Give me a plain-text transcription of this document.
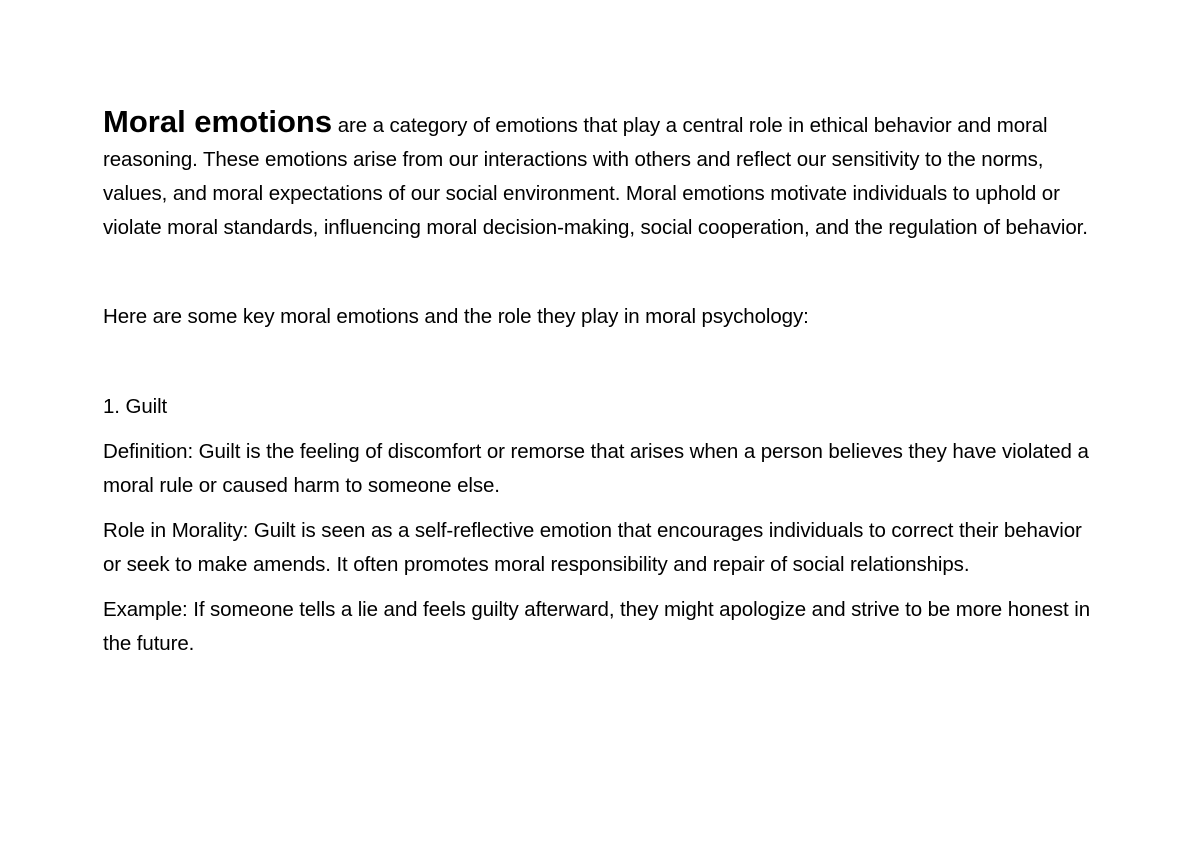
Moral emotions are a category of emotions that play a central role in ethical behavior and moral reasoning. These emotions arise from our interactions with others and reflect our sensitivity to the norms, values, and moral expectations of our social environment. Moral emotions motivate individuals to uphold or violate moral standards, influencing moral decision-making, social cooperation, and the regulation of behavior.

Here are some key moral emotions and the role they play in moral psychology:

1. Guilt

Definition: Guilt is the feeling of discomfort or remorse that arises when a person believes they have violated a moral rule or caused harm to someone else.

Role in Morality: Guilt is seen as a self-reflective emotion that encourages individuals to correct their behavior or seek to make amends. It often promotes moral responsibility and repair of social relationships.

Example: If someone tells a lie and feels guilty afterward, they might apologize and strive to be more honest in the future.
